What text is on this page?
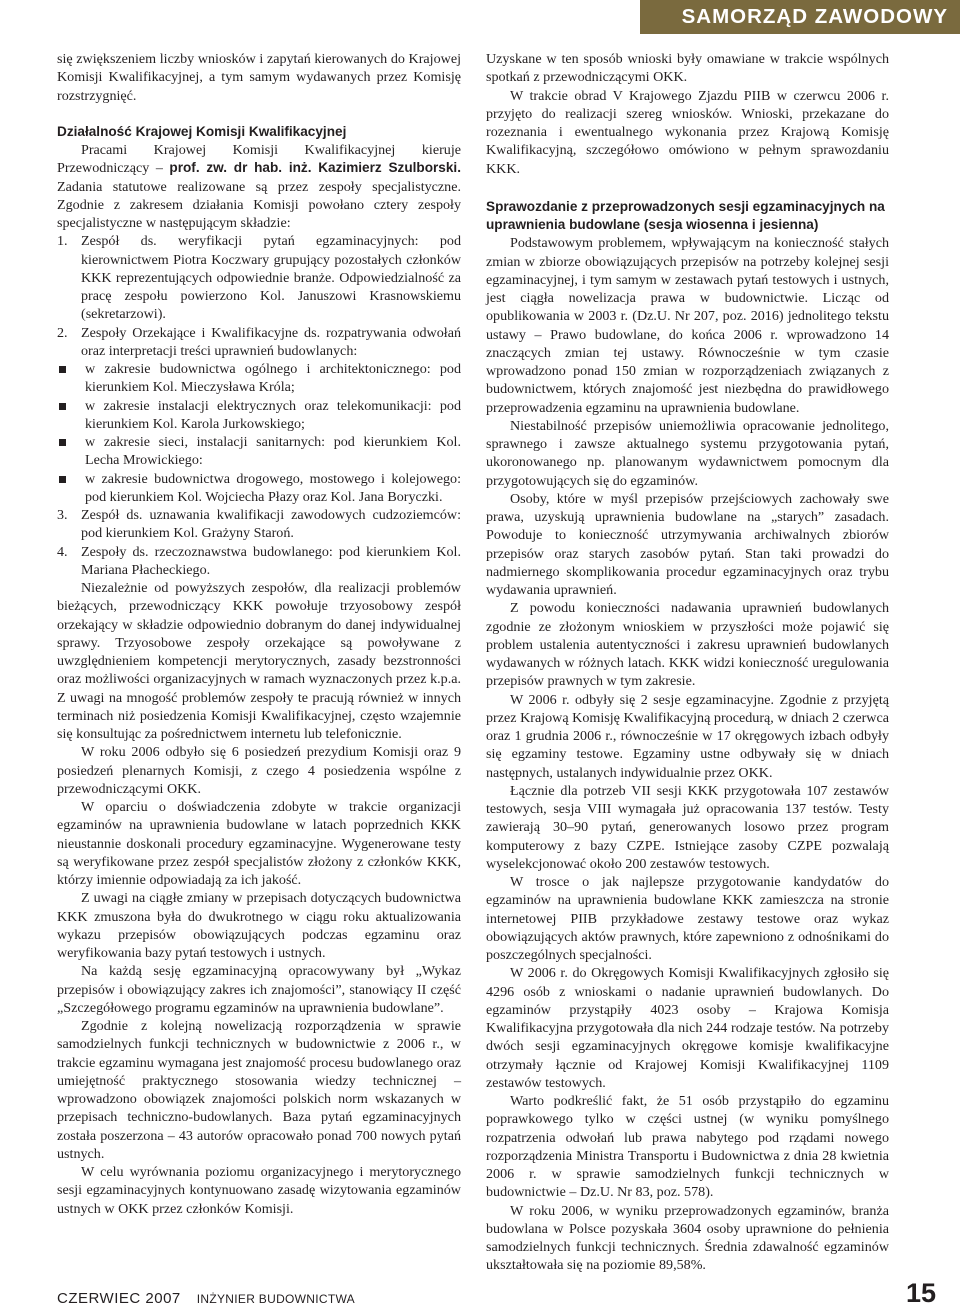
SAMORZĄD ZAWODOWY

się zwiększeniem liczby wniosków i zapytań kierowanych do Krajowej Komisji Kwalifikacyjnej, a tym samym wydawanych przez Komisję rozstrzygnięć.

Działalność Krajowej Komisji Kwalifikacyjnej

Pracami Krajowej Komisji Kwalifikacyjnej kieruje Przewodniczący – prof. zw. dr hab. inż. Kazimierz Szulborski. Zadania statutowe realizowane są przez zespoły specjalistyczne. Zgodnie z zakresem działania Komisji powołano cztery zespoły specjalistyczne w następującym składzie:

1. Zespół ds. weryfikacji pytań egzaminacyjnych: pod kierownictwem Piotra Koczwary grupujący pozostałych członków KKK reprezentujących odpowiednie branże. Odpowiedzialność za pracę zespołu powierzono Kol. Januszowi Krasnowskiemu (sekretarzowi).
2. Zespoły Orzekające i Kwalifikacyjne ds. rozpatrywania odwołań oraz interpretacji treści uprawnień budowlanych:
w zakresie budownictwa ogólnego i architektonicznego: pod kierunkiem Kol. Mieczysława Króla;
w zakresie instalacji elektrycznych oraz telekomunikacji: pod kierunkiem Kol. Karola Jurkowskiego;
w zakresie sieci, instalacji sanitarnych: pod kierunkiem Kol. Lecha Mrowickiego:
w zakresie budownictwa drogowego, mostowego i kolejowego: pod kierunkiem Kol. Wojciecha Płazy oraz Kol. Jana Boryczki.
3. Zespół ds. uznawania kwalifikacji zawodowych cudzoziemców: pod kierunkiem Kol. Grażyny Staroń.
4. Zespoły ds. rzeczoznawstwa budowlanego: pod kierunkiem Kol. Mariana Płacheckiego.

Niezależnie od powyższych zespołów, dla realizacji problemów bieżących, przewodniczący KKK powołuje trzyosobowy zespół orzekający w składzie odpowiednio dobranym do danej indywidualnej sprawy. Trzyosobowe zespoły orzekające są powoływane z uwzględnieniem kompetencji merytorycznych, zasady bezstronności oraz możliwości organizacyjnych w ramach wyznaczonych przez k.p.a. Z uwagi na mnogość problemów zespoły te pracują również w innych terminach niż posiedzenia Komisji Kwalifikacyjnej, często wzajemnie się konsultując za pośrednictwem internetu lub telefonicznie.

W roku 2006 odbyło się 6 posiedzeń prezydium Komisji oraz 9 posiedzeń plenarnych Komisji, z czego 4 posiedzenia wspólne z przewodniczącymi OKK.

W oparciu o doświadczenia zdobyte w trakcie organizacji egzaminów na uprawnienia budowlane w latach poprzednich KKK nieustannie doskonali procedury egzaminacyjne. Wygenerowane testy są weryfikowane przez zespół specjalistów złożony z członków KKK, którzy imiennie odpowiadają za ich jakość.

Z uwagi na ciągłe zmiany w przepisach dotyczących budownictwa KKK zmuszona była do dwukrotnego w ciągu roku aktualizowania wykazu przepisów obowiązujących podczas egzaminu oraz weryfikowania bazy pytań testowych i ustnych.

Na każdą sesję egzaminacyjną opracowywany był „Wykaz przepisów i obowiązujący zakres ich znajomości”, stanowiący II część „Szczegółowego programu egzaminów na uprawnienia budowlane”.

Zgodnie z kolejną nowelizacją rozporządzenia w sprawie samodzielnych funkcji technicznych w budownictwie z 2006 r., w trakcie egzaminu wymagana jest znajomość procesu budowlanego oraz umiejętność praktycznego stosowania wiedzy technicznej – wprowadzono obowiązek znajomości polskich norm wskazanych w przepisach techniczno-budowlanych. Baza pytań egzaminacyjnych została poszerzona – 43 autorów opracowało ponad 700 nowych pytań ustnych.

W celu wyrównania poziomu organizacyjnego i merytorycznego sesji egzaminacyjnych kontynuowano zasadę wizytowania egzaminów ustnych w OKK przez członków Komisji.

Uzyskane w ten sposób wnioski były omawiane w trakcie wspólnych spotkań z przewodniczącymi OKK.

W trakcie obrad V Krajowego Zjazdu PIIB w czerwcu 2006 r. przyjęto do realizacji szereg wniosków. Wnioski, przekazane do rozeznania i ewentualnego wykonania przez Krajową Komisję Kwalifikacyjną, szczegółowo omówiono w pełnym sprawozdaniu KKK.

Sprawozdanie z przeprowadzonych sesji egzaminacyjnych na uprawnienia budowlane (sesja wiosenna i jesienna)

Podstawowym problemem, wpływającym na konieczność stałych zmian w zbiorze obowiązujących przepisów na potrzeby kolejnej sesji egzaminacyjnej, i tym samym w zestawach pytań testowych i ustnych, jest ciągła nowelizacja prawa w budownictwie. Licząc od opublikowania w 2003 r. (Dz.U. Nr 207, poz. 2016) jednolitego tekstu ustawy – Prawo budowlane, do końca 2006 r. wprowadzono 14 znaczących zmian tej ustawy. Równocześnie w tym czasie wprowadzono ponad 150 zmian w rozporządzeniach związanych z budownictwem, których znajomość jest niezbędna do prawidłowego przeprowadzenia egzaminu na uprawnienia budowlane.

Niestabilność przepisów uniemożliwia opracowanie jednolitego, sprawnego i zawsze aktualnego systemu przygotowania pytań, ukoronowanego np. planowanym wydawnictwem pomocnym dla przygotowujących się do egzaminów.

Osoby, które w myśl przepisów przejściowych zachowały swe prawa, uzyskują uprawnienia budowlane na „starych” zasadach. Powoduje to konieczność utrzymywania archiwalnych zbiorów przepisów oraz starych zasobów pytań. Stan taki prowadzi do nadmiernego skomplikowania procedur egzaminacyjnych oraz trybu wydawania uprawnień.

Z powodu konieczności nadawania uprawnień budowlanych zgodnie ze złożonym wnioskiem w przyszłości może pojawić się problem ustalenia autentyczności i zakresu uprawnień budowlanych wydawanych w różnych latach. KKK widzi konieczność uregulowania przepisów prawnych w tym zakresie.

W 2006 r. odbyły się 2 sesje egzaminacyjne. Zgodnie z przyjętą przez Krajową Komisję Kwalifikacyjną procedurą, w dniach 2 czerwca oraz 1 grudnia 2006 r., równocześnie w 17 okręgowych izbach odbyły się egzaminy testowe. Egzaminy ustne odbywały się w dniach następnych, ustalanych indywidualnie przez OKK.

Łącznie dla potrzeb VII sesji KKK przygotowała 107 zestawów testowych, sesja VIII wymagała już opracowania 137 testów. Testy zawierają 30–90 pytań, generowanych losowo przez program komputerowy z bazy CZPE. Istniejące zasoby CZPE pozwalają wyselekcjonować około 200 zestawów testowych.

W trosce o jak najlepsze przygotowanie kandydatów do egzaminów na uprawnienia budowlane KKK zamieszcza na stronie internetowej PIIB przykładowe zestawy testowe oraz wykaz obowiązujących aktów prawnych, które zapewniono z odnośnikami do poszczególnych specjalności.

W 2006 r. do Okręgowych Komisji Kwalifikacyjnych zgłosiło się 4296 osób z wnioskami o nadanie uprawnień budowlanych. Do egzaminów przystąpiły 4023 osoby – Krajowa Komisja Kwalifikacyjna przygotowała dla nich 244 rodzaje testów. Na potrzeby dwóch sesji egzaminacyjnych okręgowe komisje kwalifikacyjne otrzymały łącznie od Krajowej Komisji Kwalifikacyjnej 1109 zestawów testowych.

Warto podkreślić fakt, że 51 osób przystąpiło do egzaminu poprawkowego tylko w części ustnej (w wyniku pomyślnego rozpatrzenia odwołań lub prawa nabytego pod rządami nowego rozporządzenia Ministra Transportu i Budownictwa z dnia 28 kwietnia 2006 r. w sprawie samodzielnych funkcji technicznych w budownictwie – Dz.U. Nr 83, poz. 578).

W roku 2006, w wyniku przeprowadzonych egzaminów, branża budowlana w Polsce pozyskała 3604 osoby uprawnione do pełnienia samodzielnych funkcji technicznych. Średnia zdawalność egzaminów ukształtowała się na poziomie 89,58%.

CZERWIEC 2007 INŻYNIER BUDOWNICTWA	15
